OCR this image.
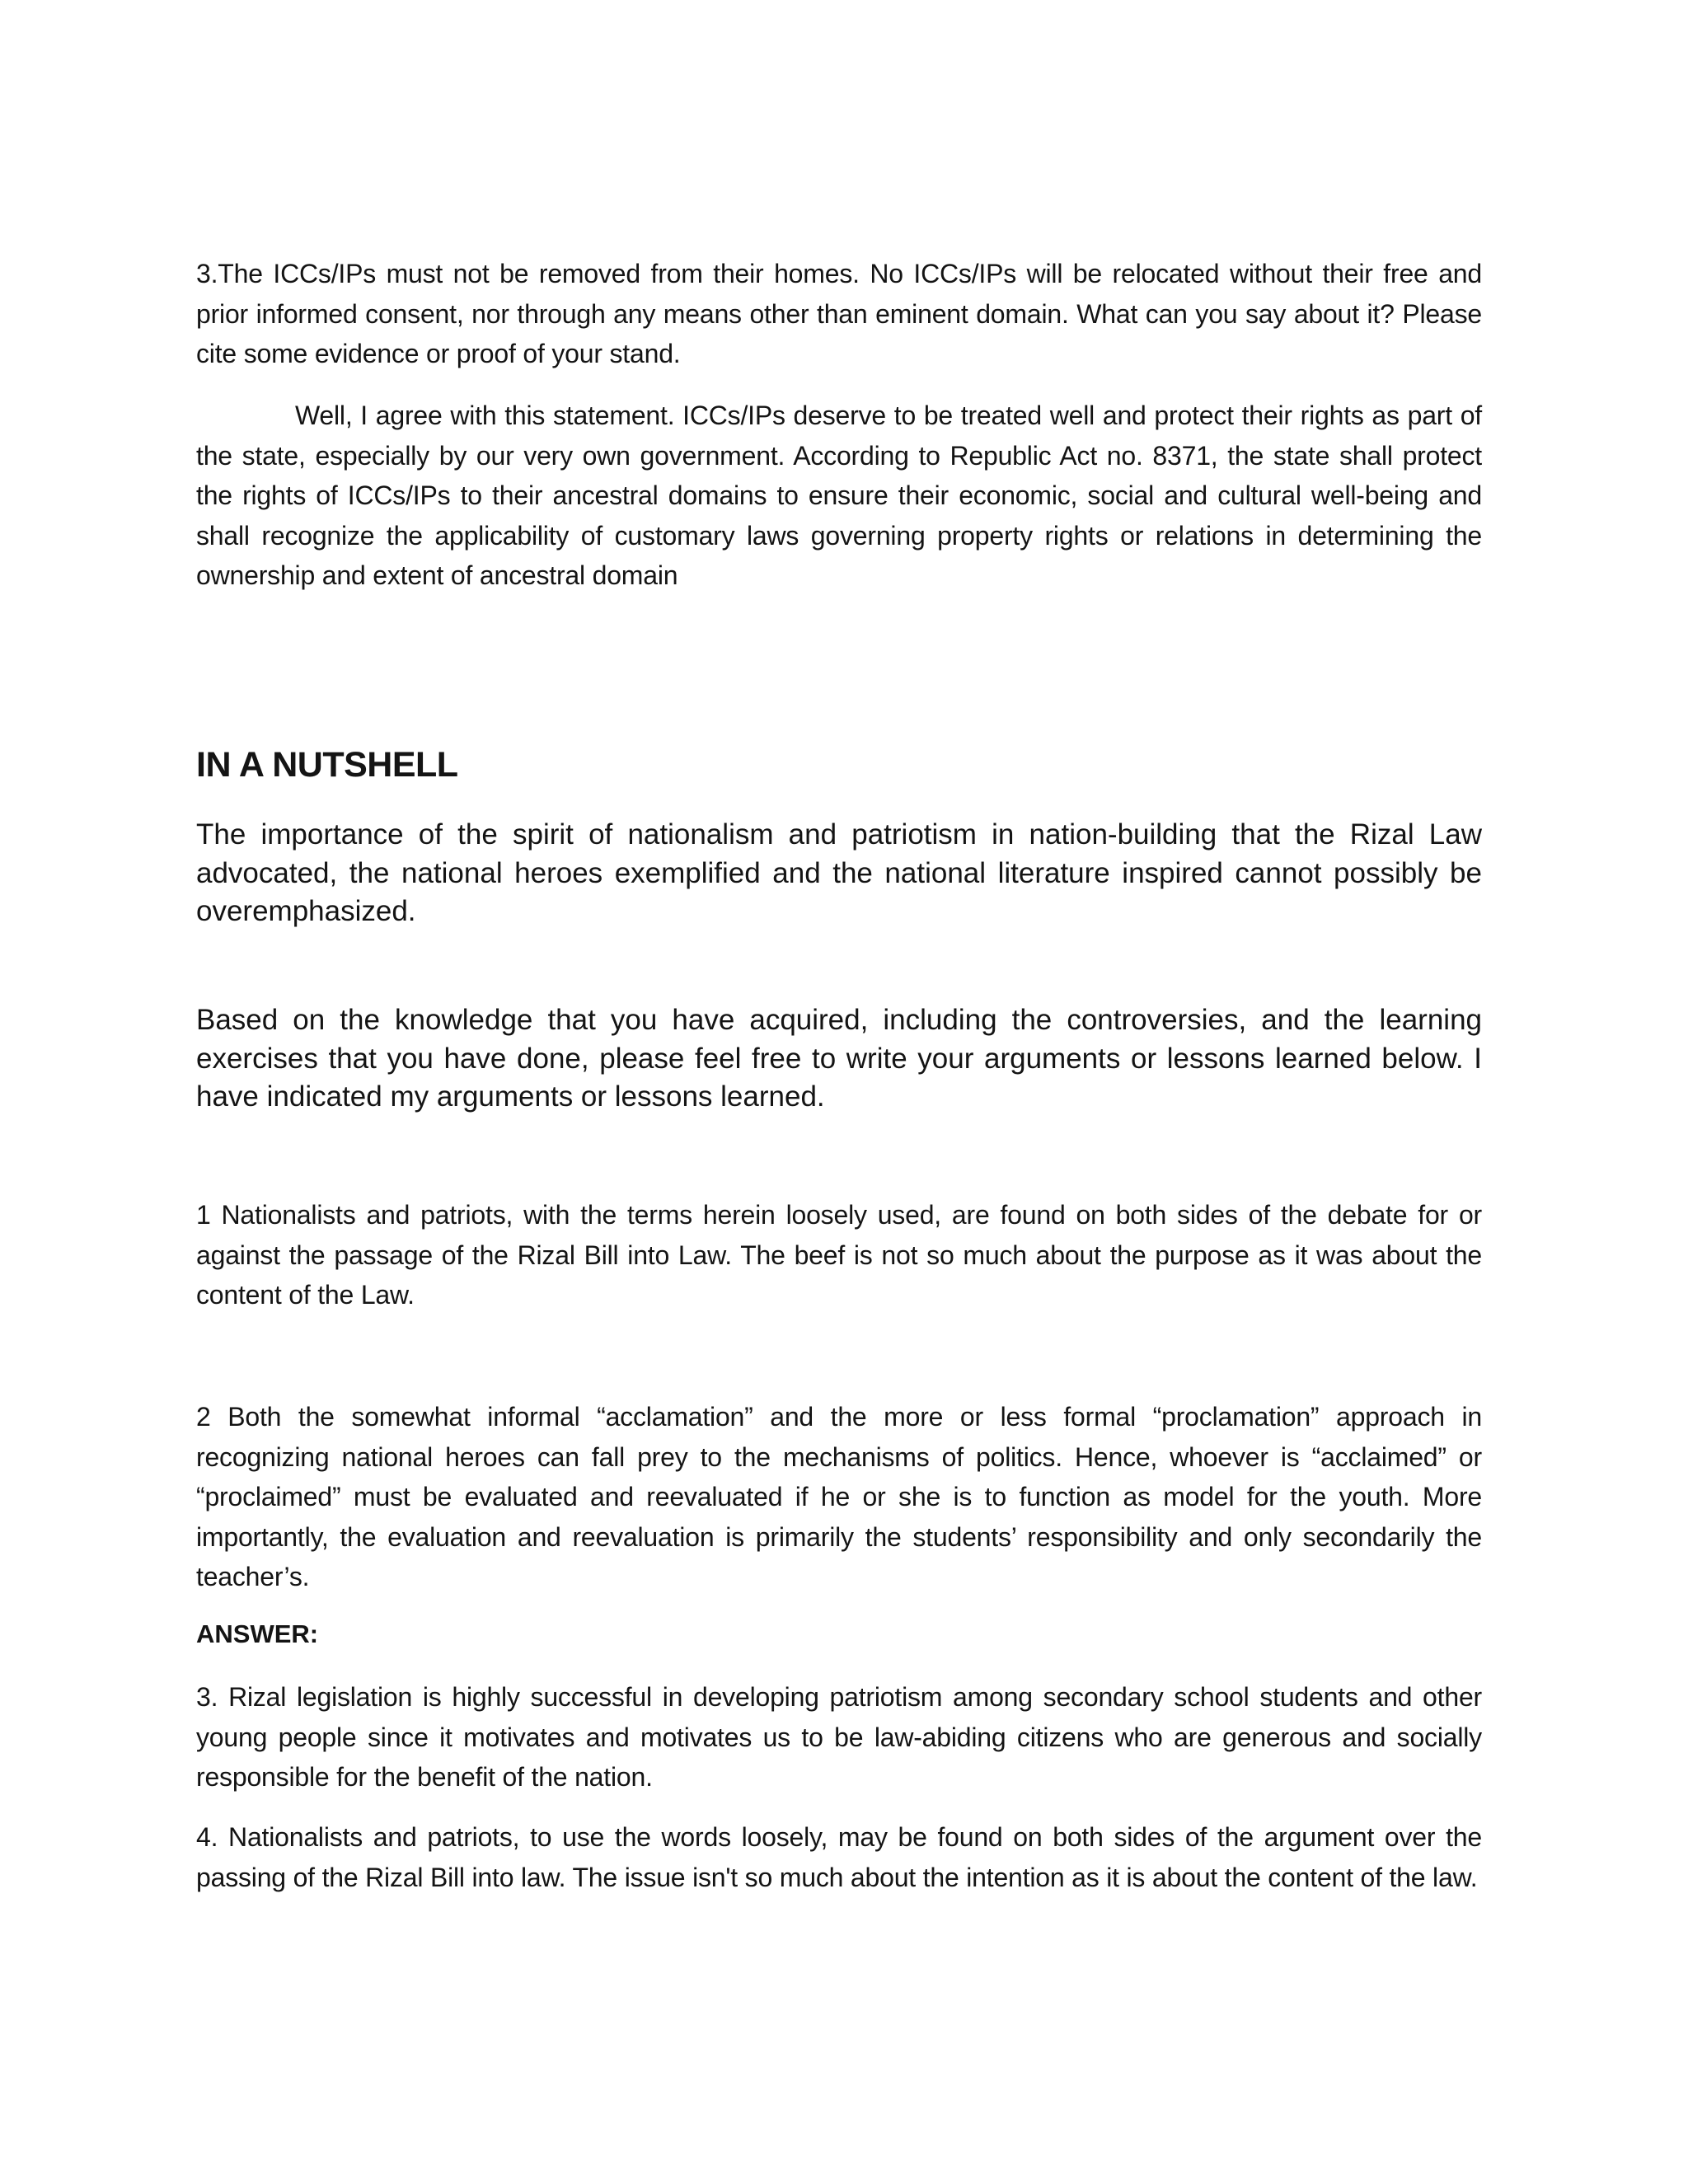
3.The ICCs/IPs must not be removed from their homes. No ICCs/IPs will be relocated without their free and prior informed consent, nor through any means other than eminent domain. What can you say about it? Please cite some evidence or proof of your stand.

Well, I agree with this statement. ICCs/IPs deserve to be treated well and protect their rights as part of the state, especially by our very own government. According to Republic Act no. 8371, the state shall protect the rights of ICCs/IPs to their ancestral domains to ensure their economic, social and cultural well-being and shall recognize the applicability of customary laws governing property rights or relations in determining the ownership and extent of ancestral domain

IN A NUTSHELL

The importance of the spirit of nationalism and patriotism in nation-building that the Rizal Law advocated, the national heroes exemplified and the national literature inspired cannot possibly be overemphasized.

Based on the knowledge that you have acquired, including the controversies, and the learning exercises that you have done, please feel free to write your arguments or lessons learned below. I have indicated my arguments or lessons learned.

1 Nationalists and patriots, with the terms herein loosely used, are found on both sides of the debate for or against the passage of the Rizal Bill into Law. The beef is not so much about the purpose as it was about the content of the Law.

2 Both the somewhat informal “acclamation” and the more or less formal “proclamation” approach in recognizing national heroes can fall prey to the mechanisms of politics. Hence, whoever is “acclaimed” or “proclaimed” must be evaluated and reevaluated if he or she is to function as model for the youth. More importantly, the evaluation and reevaluation is primarily the students’ responsibility and only secondarily the teacher’s.

ANSWER:

3. Rizal legislation is highly successful in developing patriotism among secondary school students and other young people since it motivates and motivates us to be law-abiding citizens who are generous and socially responsible for the benefit of the nation.

4. Nationalists and patriots, to use the words loosely, may be found on both sides of the argument over the passing of the Rizal Bill into law. The issue isn't so much about the intention as it is about the content of the law.
